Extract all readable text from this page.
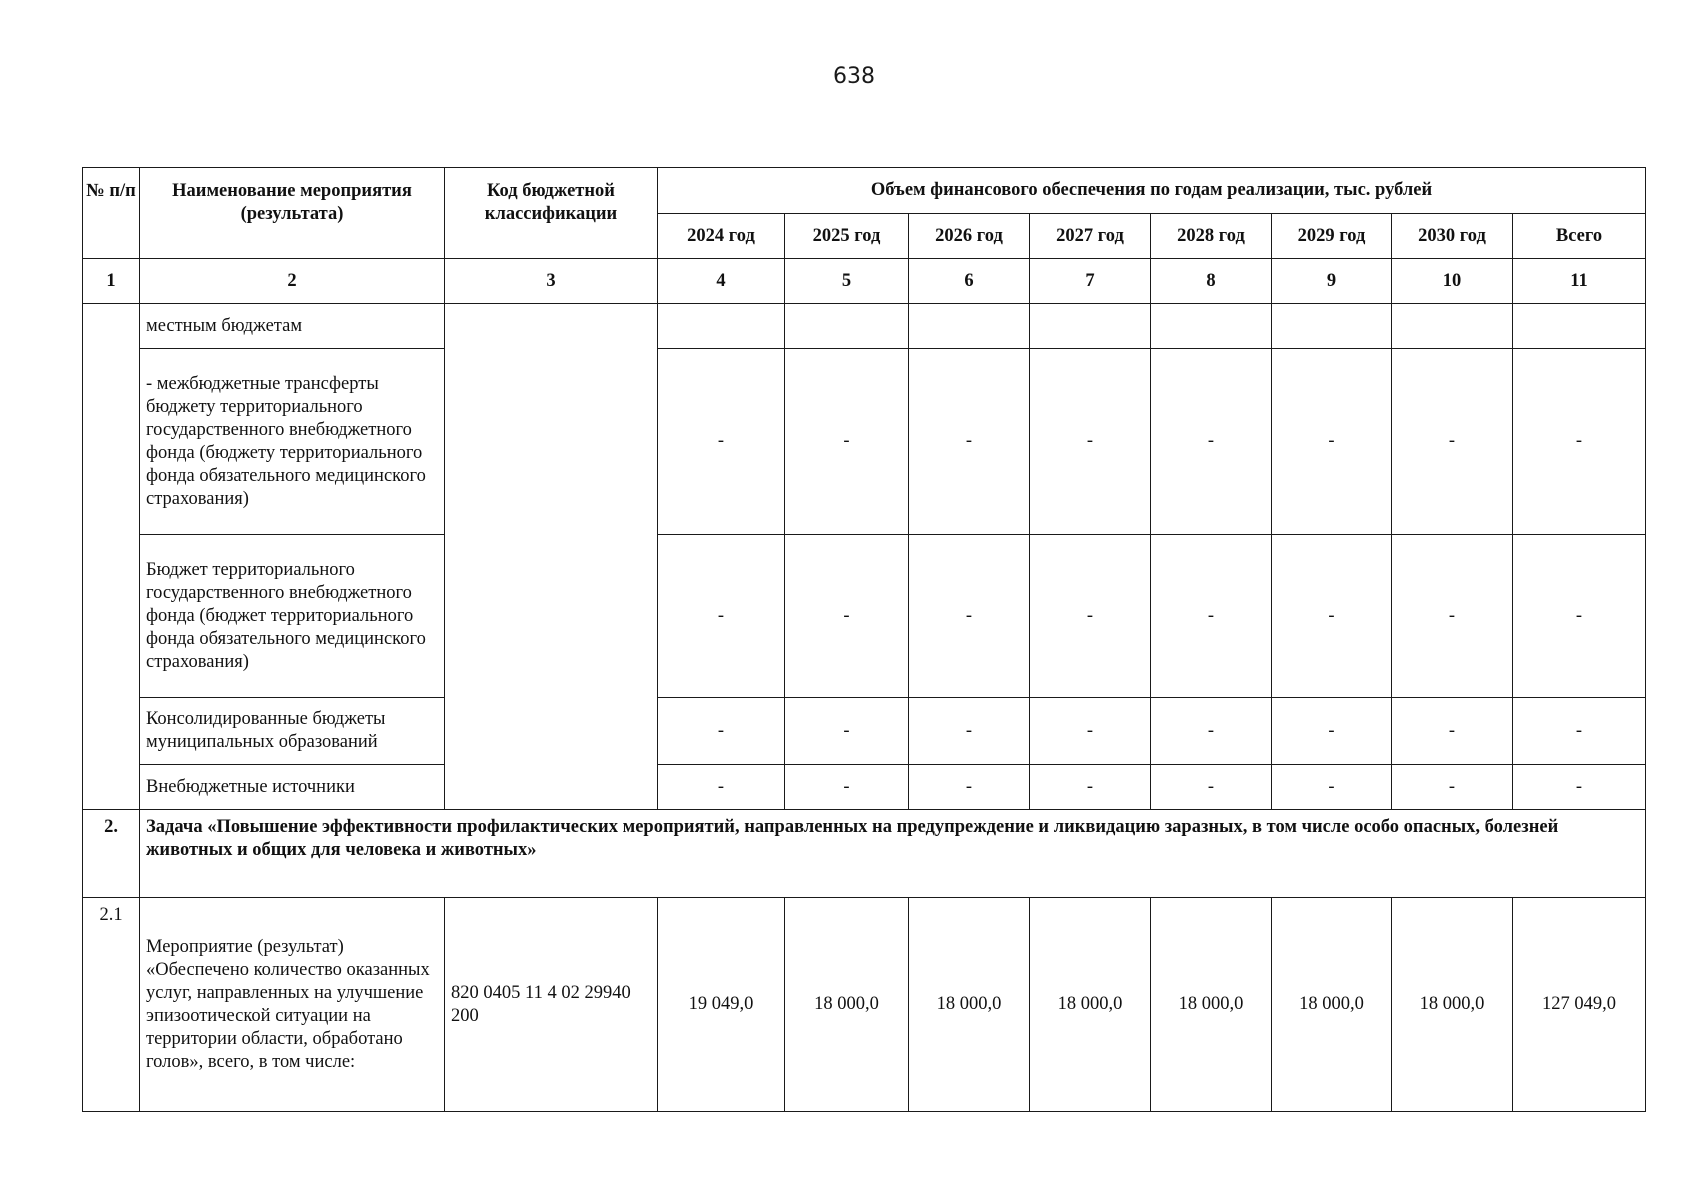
638
№ п/п	Наименование мероприятия (результата)	Код бюджетной классификации	Объем финансового обеспечения по годам реализации, тыс. рублей							
			2024 год	2025 год	2026 год	2027 год	2028 год	2029 год	2030 год	Всего
1	2	3	4	5	6	7	8	9	10	11
	местным бюджетам									
	- межбюджетные трансферты бюджету территориального государственного внебюджетного фонда (бюджету территориального фонда обязательного медицинского страхования)		-	-	-	-	-	-	-	-
	Бюджет территориального государственного внебюджетного фонда (бюджет территориального фонда обязательного медицинского страхования)		-	-	-	-	-	-	-	-
	Консолидированные бюджеты муниципальных образований		-	-	-	-	-	-	-	-
	Внебюджетные источники		-	-	-	-	-	-	-	-
2.	Задача «Повышение эффективности профилактических мероприятий, направленных на предупреждение и ликвидацию заразных, в том числе особо опасных, болезней животных и общих для человека и животных»									
2.1	Мероприятие (результат) «Обеспечено количество оказанных услуг, направленных на улучшение эпизоотической ситуации на территории области, обработано голов», всего, в том числе:	820 0405 11 4 02 29940 200	19 049,0	18 000,0	18 000,0	18 000,0	18 000,0	18 000,0	18 000,0	127 049,0
